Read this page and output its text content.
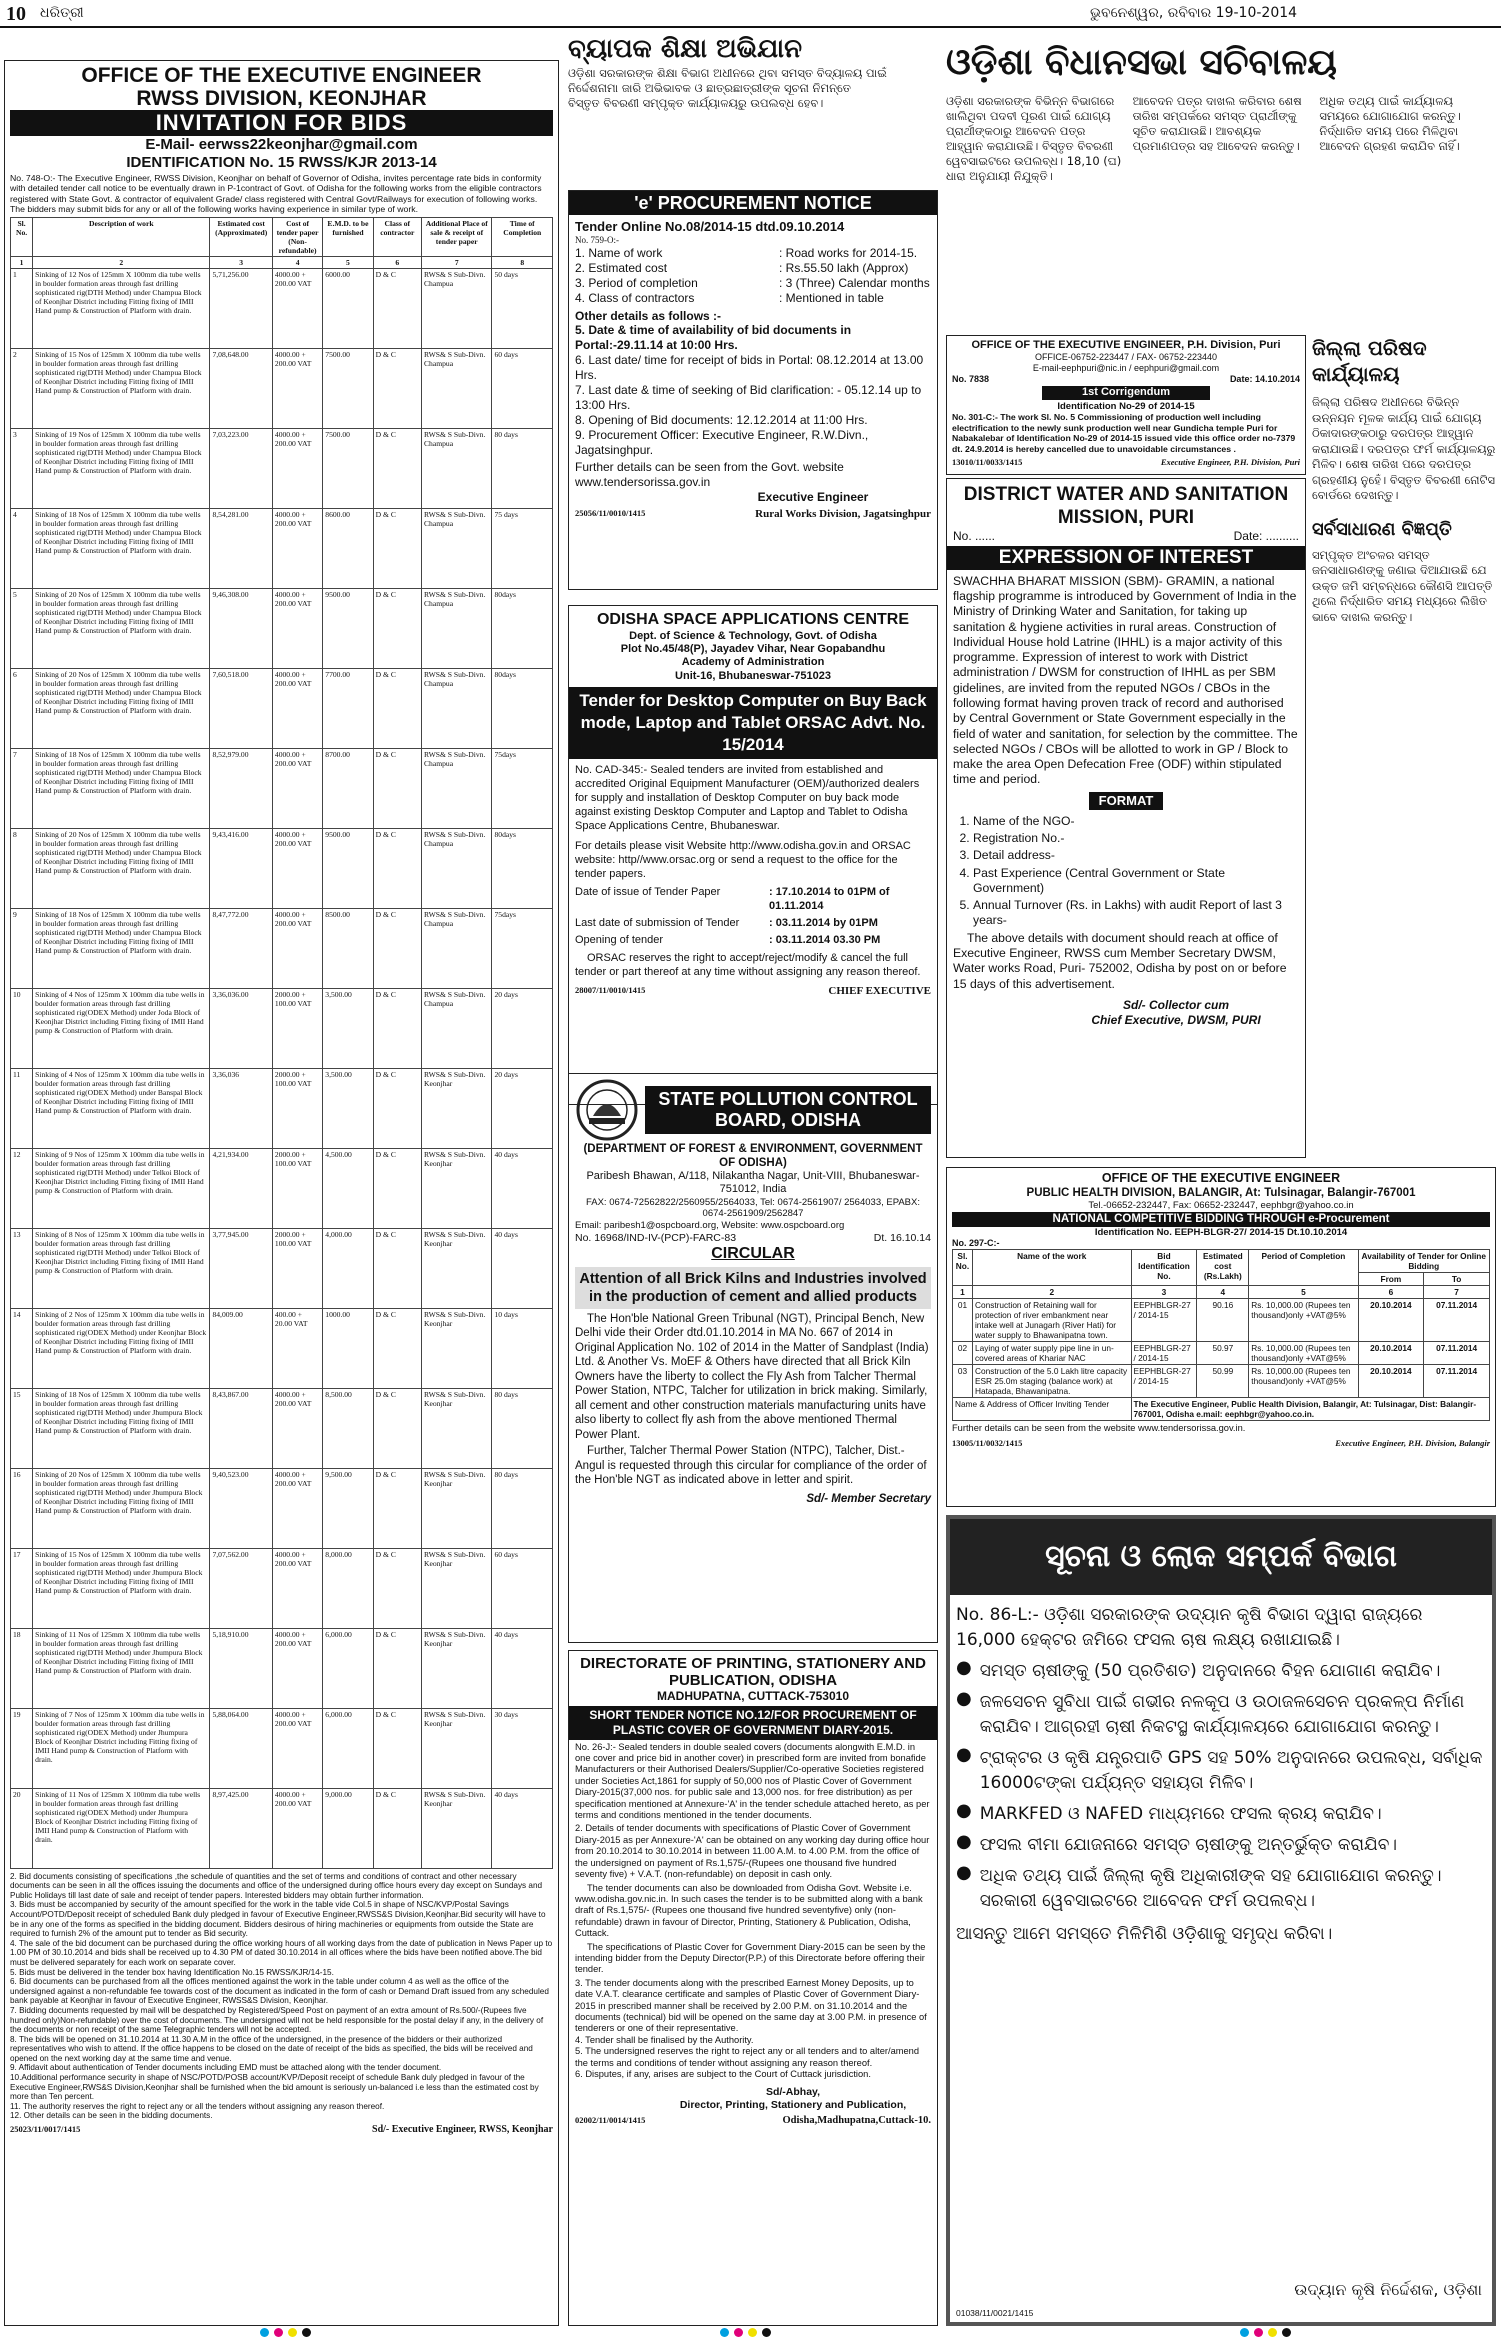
10 ଧରିତ୍ରୀ	ଭୁବନେଶ୍ୱର, ରବିବାର 19-10-2014
OFFICE OF THE EXECUTIVE ENGINEER
RWSS DIVISION, KEONJHAR
INVITATION FOR BIDS
E-Mail- eerwss22keonjhar@gmail.com
IDENTIFICATION No. 15 RWSS/KJR 2013-14
No. 748-O:- The Executive Engineer, RWSS Division, Keonjhar on behalf of Governor of Odisha, invites percentage rate bids in conformity with detailed tender call notice to be eventually drawn in P-1contract of Govt. of Odisha for the following works from the eligible contractors registered with State Govt. & contractor of equivalent Grade/ class registered with Central Govt/Railways for execution of following works. The bidders may submit bids for any or all of the following works having experience in similar type of work.
Sl. No.	Description of work	Estimated cost (Approximated)	Cost of tender paper (Non-refundable)	E.M.D. to be furnished	Class of contractor	Additional Place of sale & receipt of tender paper	Time of Completion
1	2	3	4	5	6	7	8
1	Sinking of 12 Nos of 125mm X 100mm dia tube wells in boulder formation areas through fast drilling sophisticated rig(DTH Method) under Champua Block of Keonjhar District including Fitting fixing of IMII Hand pump & Construction of Platform with drain.	5,71,256.00	4000.00 + 200.00 VAT	6000.00	D & C	RWS& S Sub-Divn. Champua	50 days
2	Sinking of 15 Nos of 125mm X 100mm dia tube wells in boulder formation areas through fast drilling sophisticated rig(DTH Method) under Champua Block of Keonjhar District including Fitting fixing of IMII Hand pump & Construction of Platform with drain.	7,08,648.00	4000.00 + 200.00 VAT	7500.00	D & C	RWS& S Sub-Divn. Champua	60 days
3	Sinking of 19 Nos of 125mm X 100mm dia tube wells in boulder formation areas through fast drilling sophisticated rig(DTH Method) under Champua Block of Keonjhar District including Fitting fixing of IMII Hand pump & Construction of Platform with drain.	7,03,223.00	4000.00 + 200.00 VAT	7500.00	D & C	RWS& S Sub-Divn. Champua	80 days
4	Sinking of 18 Nos of 125mm X 100mm dia tube wells in boulder formation areas through fast drilling sophisticated rig(DTH Method) under Champua Block of Keonjhar District including Fitting fixing of IMII Hand pump & Construction of Platform with drain.	8,54,281.00	4000.00 + 200.00 VAT	8600.00	D & C	RWS& S Sub-Divn. Champua	75 days
5	Sinking of 20 Nos of 125mm X 100mm dia tube wells in boulder formation areas through fast drilling sophisticated rig(DTH Method) under Champua Block of Keonjhar District including Fitting fixing of IMII Hand pump & Construction of Platform with drain.	9,46,308.00	4000.00 + 200.00 VAT	9500.00	D & C	RWS& S Sub-Divn. Champua	80days
6	Sinking of 20 Nos of 125mm X 100mm dia tube wells in boulder formation areas through fast drilling sophisticated rig(DTH Method) under Champua Block of Keonjhar District including Fitting fixing of IMII Hand pump & Construction of Platform with drain.	7,60,518.00	4000.00 + 200.00 VAT	7700.00	D & C	RWS& S Sub-Divn. Champua	80days
7	Sinking of 18 Nos of 125mm X 100mm dia tube wells in boulder formation areas through fast drilling sophisticated rig(DTH Method) under Champua Block of Keonjhar District including Fitting fixing of IMII Hand pump & Construction of Platform with drain.	8,52,979.00	4000.00 + 200.00 VAT	8700.00	D & C	RWS& S Sub-Divn. Champua	75days
8	Sinking of 20 Nos of 125mm X 100mm dia tube wells in boulder formation areas through fast drilling sophisticated rig(DTH Method) under Champua Block of Keonjhar District including Fitting fixing of IMII Hand pump & Construction of Platform with drain.	9,43,416.00	4000.00 + 200.00 VAT	9500.00	D & C	RWS& S Sub-Divn. Champua	80days
9	Sinking of 18 Nos of 125mm X 100mm dia tube wells in boulder formation areas through fast drilling sophisticated rig(DTH Method) under Champua Block of Keonjhar District including Fitting fixing of IMII Hand pump & Construction of Platform with drain.	8,47,772.00	4000.00 + 200.00 VAT	8500.00	D & C	RWS& S Sub-Divn. Champua	75days
10	Sinking of 4 Nos of 125mm X 100mm dia tube wells in boulder formation areas through fast drilling sophisticated rig(ODEX Method) under Joda Block of Keonjhar District including Fitting fixing of IMII Hand pump & Construction of Platform with drain.	3,36,036.00	2000.00 + 100.00 VAT	3,500.00	D & C	RWS& S Sub-Divn. Champua	20 days
11	Sinking of 4 Nos of 125mm X 100mm dia tube wells in boulder formation areas through fast drilling sophisticated rig(ODEX Method) under Banspal Block of Keonjhar District including Fitting fixing of IMII Hand pump & Construction of Platform with drain.	3,36,036	2000.00 + 100.00 VAT	3,500.00	D & C	RWS& S Sub-Divn. Keonjhar	20 days
12	Sinking of 9 Nos of 125mm X 100mm dia tube wells in boulder formation areas through fast drilling sophisticated rig(DTH Method) under Telkoi Block of Keonjhar District including Fitting fixing of IMII Hand pump & Construction of Platform with drain.	4,21,934.00	2000.00 + 100.00 VAT	4,500.00	D & C	RWS& S Sub-Divn. Keonjhar	40 days
13	Sinking of 8 Nos of 125mm X 100mm dia tube wells in boulder formation areas through fast drilling sophisticated rig(DTH Method) under Telkoi Block of Keonjhar District including Fitting fixing of IMII Hand pump & Construction of Platform with drain.	3,77,945.00	2000.00 + 100.00 VAT	4,000.00	D & C	RWS& S Sub-Divn. Keonjhar	40 days
14	Sinking of 2 Nos of 125mm X 100mm dia tube wells in boulder formation areas through fast drilling sophisticated rig(ODEX Method) under Keonjhar Block of Keonjhar District including Fitting fixing of IMII Hand pump & Construction of Platform with drain.	84,009.00	400.00 + 20.00 VAT	1000.00	D & C	RWS& S Sub-Divn. Keonjhar	10 days
15	Sinking of 18 Nos of 125mm X 100mm dia tube wells in boulder formation areas through fast drilling sophisticated rig(DTH Method) under Jhumpura Block of Keonjhar District including Fitting fixing of IMII Hand pump & Construction of Platform with drain.	8,43,867.00	4000.00 + 200.00 VAT	8,500.00	D & C	RWS& S Sub-Divn. Keonjhar	80 days
16	Sinking of 20 Nos of 125mm X 100mm dia tube wells in boulder formation areas through fast drilling sophisticated rig(DTH Method) under Jhumpura Block of Keonjhar District including Fitting fixing of IMII Hand pump & Construction of Platform with drain.	9,40,523.00	4000.00 + 200.00 VAT	9,500.00	D & C	RWS& S Sub-Divn. Keonjhar	80 days
17	Sinking of 15 Nos of 125mm X 100mm dia tube wells in boulder formation areas through fast drilling sophisticated rig(DTH Method) under Jhumpura Block of Keonjhar District including Fitting fixing of IMII Hand pump & Construction of Platform with drain.	7,07,562.00	4000.00 + 200.00 VAT	8,000.00	D & C	RWS& S Sub-Divn. Keonjhar	60 days
18	Sinking of 11 Nos of 125mm X 100mm dia tube wells in boulder formation areas through fast drilling sophisticated rig(DTH Method) under Jhumpura Block of Keonjhar District including Fitting fixing of IMII Hand pump & Construction of Platform with drain.	5,18,910.00	4000.00 + 200.00 VAT	6,000.00	D & C	RWS& S Sub-Divn. Keonjhar	40 days
19	Sinking of 7 Nos of 125mm X 100mm dia tube wells in boulder formation areas through fast drilling sophisticated rig(ODEX Method) under Jhumpura Block of Keonjhar District including Fitting fixing of IMII Hand pump & Construction of Platform with drain.	5,88,064.00	4000.00 + 200.00 VAT	6,000.00	D & C	RWS& S Sub-Divn. Keonjhar	30 days
20	Sinking of 11 Nos of 125mm X 100mm dia tube wells in boulder formation areas through fast drilling sophisticated rig(ODEX Method) under Jhumpura Block of Keonjhar District including Fitting fixing of IMII Hand pump & Construction of Platform with drain.	8,97,425.00	4000.00 + 200.00 VAT	9,000.00	D & C	RWS& S Sub-Divn. Keonjhar	40 days
2. Bid documents consisting of specifications ,the schedule of quantities and the set of terms and conditions of contract and other necessary documents can be seen in all the offices issuing the documents and office of the undersigned during office hours every day except on Sundays and Public Holidays till last date of sale and receipt of tender papers. Interested bidders may obtain further information.
3. Bids must be accompanied by security of the amount specified for the work in the table vide Col.5 in shape of NSC/KVP/Postal Savings Account/POTD/Deposit receipt of scheduled Bank duly pledged in favour of Executive Engineer,RWSS&S Division,Keonjhar.Bid security will have to be in any one of the forms as specified in the bidding document. Bidders desirous of hiring machineries or equipments from outside the State are required to furnish 2% of the amount put to tender as Bid security.
4. The sale of the bid document can be purchased during the office working hours of all working days from the date of publication in News Paper up to 1.00 PM of 30.10.2014 and bids shall be received up to 4.30 PM of dated 30.10.2014 in all offices where the bids have been notified above.The bid must be delivered separately for each work on separate cover.
5. Bids must be delivered in the tender box having Identification No.15 RWSS/KJR/14-15.
6. Bid documents can be purchased from all the offices mentioned against the work in the table under column 4 as well as the office of the undersigned against a non-refundable fee towards cost of the document as indicated in the form of cash or Demand Draft issued from any scheduled bank payable at Keonjhar in favour of Executive Engineer, RWSS&S Division, Keonjhar.
7. Bidding documents requested by mail will be despatched by Registered/Speed Post on payment of an extra amount of Rs.500/-(Rupees five hundred only)Non-refundable) over the cost of documents. The undersigned will not be held responsible for the postal delay if any, in the delivery of the documents or non receipt of the same Telegraphic tenders will not be accepted.
8. The bids will be opened on 31.10.2014 at 11.30 A.M in the office of the undersigned, in the presence of the bidders or their authorized representatives who wish to attend. If the office happens to be closed on the date of receipt of the bids as specified, the bids will be received and opened on the next working day at the same time and venue.
9. Affidavit about authentication of Tender documents including EMD must be attached along with the tender document.
10.Additional performance security in shape of NSC/POTD/POSB account/KVP/Deposit receipt of schedule Bank duly pledged in favour of the Executive Engineer,RWS&S Division,Keonjhar shall be furnished when the bid amount is seriously un-balanced i.e less than the estimated cost by more than Ten percent.
11. The authority reserves the right to reject any or all the tenders without assigning any reason thereof.
12. Other details can be seen in the bidding documents.
25023/11/0017/1415	Sd/- Executive Engineer, RWSS, Keonjhar
ବ୍ୟାପକ ଶିକ୍ଷା ଅଭିଯାନ
ଓଡ଼ିଶା ସରକାରଙ୍କ ଶିକ୍ଷା ବିଭାଗ ଅଧୀନରେ ଥିବା ସମସ୍ତ ବିଦ୍ୟାଳୟ ପାଇଁ
ନିର୍ଦ୍ଦେଶନାମା ଜାରି ଅଭିଭାବକ ଓ ଛାତ୍ରଛାତ୍ରୀଙ୍କ ସୂଚନା ନିମନ୍ତେ
ବିସ୍ତୃତ ବିବରଣୀ ସମ୍ପୃକ୍ତ କାର୍ଯ୍ୟାଳୟରୁ ଉପଲବ୍ଧ ହେବ।
'e' PROCUREMENT NOTICE
Tender Online No.08/2014-15 dtd.09.10.2014
No. 759-O:-
1. Name of work	: Road works for 2014-15.
2. Estimated cost	: Rs.55.50 lakh (Approx)
3. Period of completion	: 3 (Three) Calendar months
4. Class of contractors	: Mentioned in table
Other details as follows :-
5. Date & time of availability of bid documents in Portal:-29.11.14 at 10:00 Hrs.
6. Last date/ time for receipt of bids in Portal: 08.12.2014 at 13.00 Hrs.
7. Last date & time of seeking of Bid clarification: - 05.12.14 up to 13:00 Hrs.
8. Opening of Bid documents: 12.12.2014 at 11:00 Hrs.
9. Procurement Officer: Executive Engineer, R.W.Divn., Jagatsinghpur.
Further details can be seen from the Govt. website www.tendersorissa.gov.in
Executive Engineer
25056/11/0010/1415	Rural Works Division, Jagatsinghpur
ODISHA SPACE APPLICATIONS CENTRE
Dept. of Science & Technology, Govt. of Odisha
Plot No.45/48(P), Jayadev Vihar, Near Gopabandhu
Academy of Administration
Unit-16, Bhubaneswar-751023
Tender for Desktop Computer on Buy Back mode, Laptop and Tablet ORSAC Advt. No. 15/2014
No. CAD-345:- Sealed tenders are invited from established and accredited Original Equipment Manufacturer (OEM)/authorized dealers for supply and installation of Desktop Computer on buy back mode against existing Desktop Computer and Laptop and Tablet to Odisha Space Applications Centre, Bhubaneswar.
For details please visit Website http://www.odisha.gov.in and ORSAC website: http//www.orsac.org or send a request to the office for the tender papers.
Date of issue of Tender Paper	: 17.10.2014 to 01PM of 01.11.2014
Last date of submission of Tender	: 03.11.2014 by 01PM
Opening of tender	: 03.11.2014 03.30 PM
ORSAC reserves the right to accept/reject/modify & cancel the full tender or part thereof at any time without assigning any reason thereof.
28007/11/0010/1415	CHIEF EXECUTIVE
STATE POLLUTION CONTROL BOARD, ODISHA
(DEPARTMENT OF FOREST & ENVIRONMENT, GOVERNMENT OF ODISHA)
Paribesh Bhawan, A/118, Nilakantha Nagar, Unit-VIII, Bhubaneswar- 751012, India
FAX: 0674-72562822/2560955/2564033, Tel: 0674-2561907/ 2564033, EPABX: 0674-2561909/2562847
Email: paribesh1@ospcboard.org, Website: www.ospcboard.org
No. 16968/IND-IV-(PCP)-FARC-83	Dt. 16.10.14
CIRCULAR
Attention of all Brick Kilns and Industries involved in the production of cement and allied products
The Hon'ble National Green Tribunal (NGT), Principal Bench, New Delhi vide their Order dtd.01.10.2014 in MA No. 667 of 2014 in Original Application No. 102 of 2014 in the Matter of Sandplast (India) Ltd. & Another Vs. MoEF & Others have directed that all Brick Kiln Owners have the liberty to collect the Fly Ash from Talcher Thermal Power Station, NTPC, Talcher for utilization in brick making. Similarly, all cement and other construction materials manufacturing units have also liberty to collect fly ash from the above mentioned Thermal Power Plant.
Further, Talcher Thermal Power Station (NTPC), Talcher, Dist.- Angul is requested through this circular for compliance of the order of the Hon'ble NGT as indicated above in letter and spirit.
Sd/- Member Secretary
DIRECTORATE OF PRINTING, STATIONERY AND PUBLICATION, ODISHA
MADHUPATNA, CUTTACK-753010
SHORT TENDER NOTICE NO.12/FOR PROCUREMENT OF PLASTIC COVER OF GOVERNMENT DIARY-2015.
No. 26-J:- Sealed tenders in double sealed covers (documents alongwith E.M.D. in one cover and price bid in another cover) in prescribed form are invited from bonafide Manufacturers or their Authorised Dealers/Supplier/Co-operative Societies registered under Societies Act,1861 for supply of 50,000 nos of Plastic Cover of Government Diary-2015(37,000 nos. for public sale and 13,000 nos. for free distribution) as per specification mentioned at Annexure-'A' in the tender schedule attached hereto, as per terms and conditions mentioned in the tender documents.
2. Details of tender documents with specifications of Plastic Cover of Government Diary-2015 as per Annexure-'A' can be obtained on any working day during office hour from 20.10.2014 to 30.10.2014 in between 11.00 A.M. to 4.00 P.M. from the office of the undersigned on payment of Rs.1,575/-(Rupees one thousand five hundred seventy five) + V.A.T. (non-refundable) on deposit in cash only.
The tender documents can also be downloaded from Odisha Govt. Website i.e. www.odisha.gov.nic.in. In such cases the tender is to be submitted along with a bank draft of Rs.1,575/- (Rupees one thousand five hundred seventyfive) only (non-refundable) drawn in favour of Director, Printing, Stationery & Publication, Odisha, Cuttack.
The specifications of Plastic Cover for Government Diary-2015 can be seen by the intending bidder from the Deputy Director(P.P.) of this Directorate before offering their tender.
3. The tender documents along with the prescribed Earnest Money Deposits, up to date V.A.T. clearance certificate and samples of Plastic Cover of Government Diary-2015 in prescribed manner shall be received by 2.00 P.M. on 31.10.2014 and the documents (technical) bid will be opened on the same day at 3.00 P.M. in presence of tenderers or one of their representative.
4. Tender shall be finalised by the Authority.
5. The undersigned reserves the right to reject any or all tenders and to alter/amend the terms and conditions of tender without assigning any reason thereof.
6. Disputes, if any, arises are subject to the Court of Cuttack jurisdiction.
Sd/-Abhay,
Director, Printing, Stationery and Publication,
02002/11/0014/1415	Odisha,Madhupatna,Cuttack-10.
ଓଡ଼ିଶା ବିଧାନସଭା ସଚିବାଳୟ
ଓଡ଼ିଶା ସରକାରଙ୍କ ବିଭିନ୍ନ ବିଭାଗରେ ଖାଲିଥିବା ପଦବୀ ପୂରଣ ପାଇଁ ଯୋଗ୍ୟ ପ୍ରାର୍ଥୀଙ୍କଠାରୁ ଆବେଦନ ପତ୍ର ଆହ୍ୱାନ କରାଯାଉଛି। ବିସ୍ତୃତ ବିବରଣୀ ୱେବସାଇଟରେ ଉପଲବ୍ଧ। 18,10 (ଘ) ଧାରା ଅନୁଯାୟୀ ନିଯୁକ୍ତି।
ଆବେଦନ ପତ୍ର ଦାଖଲ କରିବାର ଶେଷ ତାରିଖ ସମ୍ପର୍କରେ ସମସ୍ତ ପ୍ରାର୍ଥୀଙ୍କୁ ସୂଚିତ କରାଯାଉଛି। ଆବଶ୍ୟକ ପ୍ରମାଣପତ୍ର ସହ ଆବେଦନ କରନ୍ତୁ।
ଅଧିକ ତଥ୍ୟ ପାଇଁ କାର୍ଯ୍ୟାଳୟ ସମୟରେ ଯୋଗାଯୋଗ କରନ୍ତୁ। ନିର୍ଦ୍ଧାରିତ ସମୟ ପରେ ମିଳିଥିବା ଆବେଦନ ଗ୍ରହଣ କରାଯିବ ନାହିଁ।
OFFICE OF THE EXECUTIVE ENGINEER, P.H. Division, Puri
OFFICE-06752-223447 / FAX- 06752-223440
E-mail-eephpuri@nic.in / eephpuri@gmail.com
No. 7838	Date: 14.10.2014
1st Corrigendum
Identification No-29 of 2014-15
No. 301-C:- The work Sl. No. 5 Commissioning of production well including electrification to the newly sunk production well near Gundicha temple Puri for Nabakalebar of Identification No-29 of 2014-15 issued vide this office order no-7379 dt. 24.9.2014 is hereby cancelled due to unavoidable circumstances .
13010/11/0033/1415	Executive Engineer, P.H. Division, Puri
ଜିଲ୍ଲା ପରିଷଦ କାର୍ଯ୍ୟାଳୟ
ଜିଲ୍ଲା ପରିଷଦ ଅଧୀନରେ ବିଭିନ୍ନ ଉନ୍ନୟନ ମୂଳକ କାର୍ଯ୍ୟ ପାଇଁ ଯୋଗ୍ୟ ଠିକାଦାରଙ୍କଠାରୁ ଦରପତ୍ର ଆହ୍ୱାନ କରାଯାଉଛି। ଦରପତ୍ର ଫର୍ମ କାର୍ଯ୍ୟାଳୟରୁ ମିଳିବ। ଶେଷ ତାରିଖ ପରେ ଦରପତ୍ର ଗ୍ରହଣୀୟ ନୁହେଁ। ବିସ୍ତୃତ ବିବରଣୀ ନୋଟିସ ବୋର୍ଡରେ ଦେଖନ୍ତୁ।
ସର୍ବସାଧାରଣ ବିଜ୍ଞପ୍ତି
ସମ୍ପୃକ୍ତ ଅଂଚଳର ସମସ୍ତ ଜନସାଧାରଣଙ୍କୁ ଜଣାଇ ଦିଆଯାଉଛି ଯେ ଉକ୍ତ ଜମି ସମ୍ବନ୍ଧରେ କୌଣସି ଆପତ୍ତି ଥିଲେ ନିର୍ଦ୍ଧାରିତ ସମୟ ମଧ୍ୟରେ ଲିଖିତ ଭାବେ ଦାଖଲ କରନ୍ତୁ।
DISTRICT WATER AND SANITATION MISSION, PURI
No. ......	Date: ..........
EXPRESSION OF INTEREST
SWACHHA BHARAT MISSION (SBM)- GRAMIN, a national flagship programme is introduced by Government of India in the Ministry of Drinking Water and Sanitation, for taking up sanitation & hygiene activities in rural areas. Construction of Individual House hold Latrine (IHHL) is a major activity of this programme. Expression of interest to work with District administration / DWSM for construction of IHHL as per SBM gidelines, are invited from the reputed NGOs / CBOs in the following format having proven track of record and authorised by Central Government or State Government especially in the field of water and sanitation, for selection by the committee. The selected NGOs / CBOs will be allotted to work in GP / Block to make the area Open Defecation Free (ODF) within stipulated time and period.
FORMAT
1. Name of the NGO-
2. Registration No.-
3. Detail address-
4. Past Experience (Central Government or State Government)
5. Annual Turnover (Rs. in Lakhs) with audit Report of last 3 years-
The above details with document should reach at office of Executive Engineer, RWSS cum Member Secretary DWSM, Water works Road, Puri- 752002, Odisha by post on or before 15 days of this advertisement.
Sd/- Collector cum
Chief Executive, DWSM, PURI
OFFICE OF THE EXECUTIVE ENGINEER
PUBLIC HEALTH DIVISION, BALANGIR, At: Tulsinagar, Balangir-767001
Tel.-06652-232447, Fax: 06652-232447, eephbgr@yahoo.co.in
NATIONAL COMPETITIVE BIDDING THROUGH e-Procurement
Identification No. EEPH-BLGR-27/ 2014-15 Dt.10.10.2014
No. 297-C:-
Sl. No.	Name of the work	Bid Identification No.	Estimated cost (Rs.Lakh)	Period of Completion	Availability of Tender for Online Bidding	
					From	To
1	2	3	4	5	6	7
01	Construction of Retaining wall for protection of river embankment near intake well at Junagarh (River Hati) for water supply to Bhawanipatna town.	EEPHBLGR-27 / 2014-15	90.16	Rs. 10,000.00 (Rupees ten thousand)only +VAT@5%	20.10.2014	07.11.2014
02	Laying of water supply pipe line in un-covered areas of Khariar NAC	EEPHBLGR-27 / 2014-15	50.97	Rs. 10,000.00 (Rupees ten thousand)only +VAT@5%	20.10.2014	07.11.2014
03	Construction of the 5.0 Lakh litre capacity ESR 25.0m staging (balance work) at Hatapada, Bhawanipatna.	EEPHBLGR-27 / 2014-15	50.99	Rs. 10,000.00 (Rupees ten thousand)only +VAT@5%	20.10.2014	07.11.2014
Name & Address of Officer Inviting Tender		The Executive Engineer, Public Health Division, Balangir, At: Tulsinagar, Dist: Balangir-767001, Odisha e.mail: eephbgr@yahoo.co.in.				
Further details can be seen from the website www.tendersorissa.gov.in.
13005/11/0032/1415	Executive Engineer, P.H. Division, Balangir
ସୂଚନା ଓ ଲୋକ ସମ୍ପର୍କ ବିଭାଗ
No. 86-L:- ଓଡ଼ିଶା ସରକାରଙ୍କ ଉଦ୍ୟାନ କୃଷି ବିଭାଗ ଦ୍ୱାରା ରାଜ୍ୟରେ 16,000 ହେକ୍ଟର ଜମିରେ ଫସଲ ଚାଷ ଲକ୍ଷ୍ୟ ରଖାଯାଇଛି।
● ସମସ୍ତ ଚାଷୀଙ୍କୁ (50 ପ୍ରତିଶତ) ଅନୁଦାନରେ ବିହନ ଯୋଗାଣ କରାଯିବ।
● ଜଳସେଚନ ସୁବିଧା ପାଇଁ ଗଭୀର ନଳକୂପ ଓ ଉଠାଜଳସେଚନ ପ୍ରକଳ୍ପ ନିର୍ମାଣ କରାଯିବ। ଆଗ୍ରହୀ ଚାଷୀ ନିକଟସ୍ଥ କାର୍ଯ୍ୟାଳୟରେ ଯୋଗାଯୋଗ କରନ୍ତୁ।
● ଟ୍ରାକ୍ଟର ଓ କୃଷି ଯନ୍ତ୍ରପାତି GPS ସହ 50% ଅନୁଦାନରେ ଉପଲବ୍ଧ, ସର୍ବାଧିକ 16000ଟଙ୍କା ପର୍ଯ୍ୟନ୍ତ ସହାୟତା ମିଳିବ।
● MARKFED ଓ NAFED ମାଧ୍ୟମରେ ଫସଲ କ୍ରୟ କରାଯିବ।
● ଫସଲ ବୀମା ଯୋଜନାରେ ସମସ୍ତ ଚାଷୀଙ୍କୁ ଅନ୍ତର୍ଭୁକ୍ତ କରାଯିବ।
● ଅଧିକ ତଥ୍ୟ ପାଇଁ ଜିଲ୍ଲା କୃଷି ଅଧିକାରୀଙ୍କ ସହ ଯୋଗାଯୋଗ କରନ୍ତୁ। ସରକାରୀ ୱେବସାଇଟରେ ଆବେଦନ ଫର୍ମ ଉପଲବ୍ଧ।
ଆସନ୍ତୁ ଆମେ ସମସ୍ତେ ମିଳିମିଶି ଓଡ଼ିଶାକୁ ସମୃଦ୍ଧ କରିବା।
01038/11/0021/1415
ଉଦ୍ୟାନ କୃଷି ନିର୍ଦ୍ଦେଶକ, ଓଡ଼ିଶା
